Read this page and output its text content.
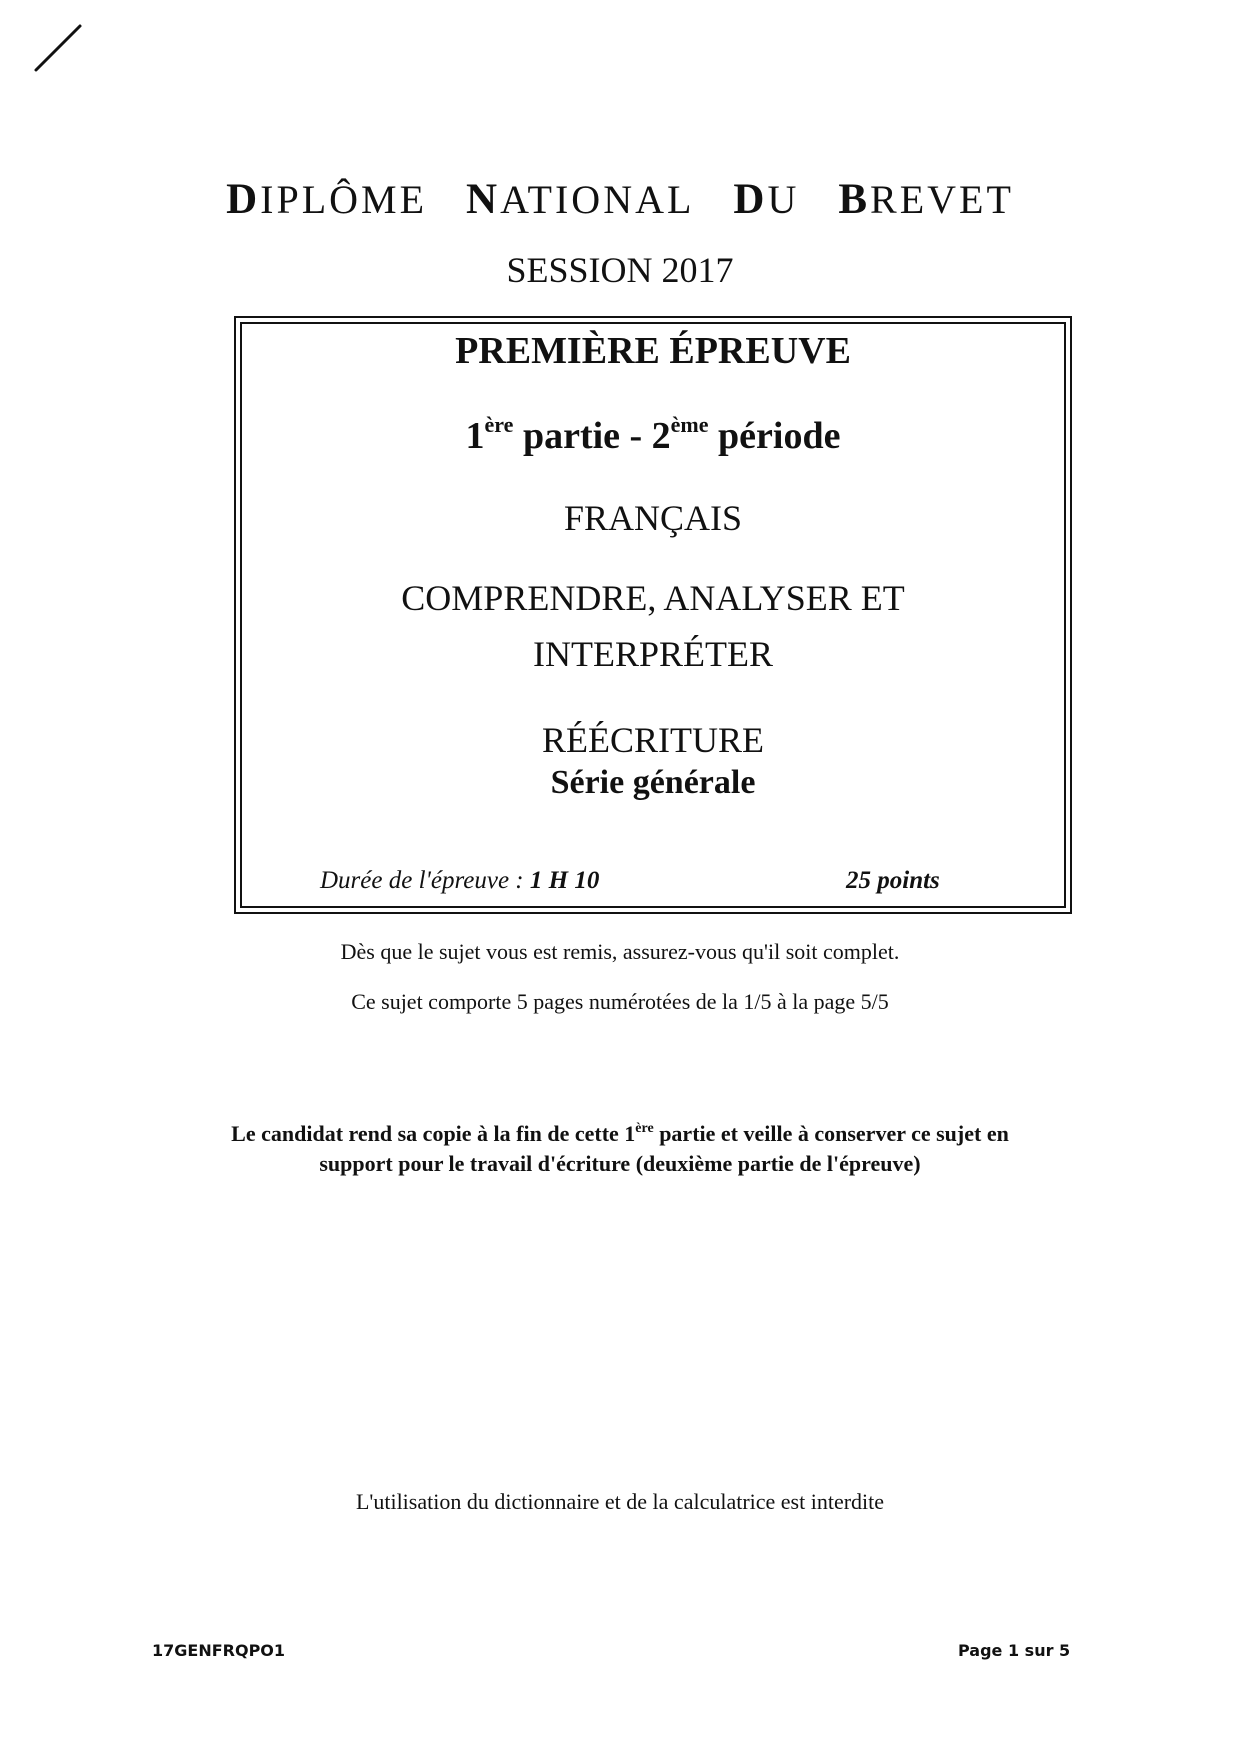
DIPLÔME NATIONAL DU BREVET
SESSION 2017
PREMIÈRE ÉPREUVE
1ère partie - 2ème période
FRANÇAIS
COMPRENDRE, ANALYSER ET
INTERPRÉTER
RÉÉCRITURE
Série générale
Durée de l'épreuve : 1 H 10	25 points
Dès que le sujet vous est remis, assurez-vous qu'il soit complet.
Ce sujet comporte 5 pages numérotées de la 1/5 à la page 5/5
Le candidat rend sa copie à la fin de cette 1ère partie et veille à conserver ce sujet en
support pour le travail d'écriture (deuxième partie de l'épreuve)
L'utilisation du dictionnaire et de la calculatrice est interdite
17GENFRQPO1	Page 1 sur 5
